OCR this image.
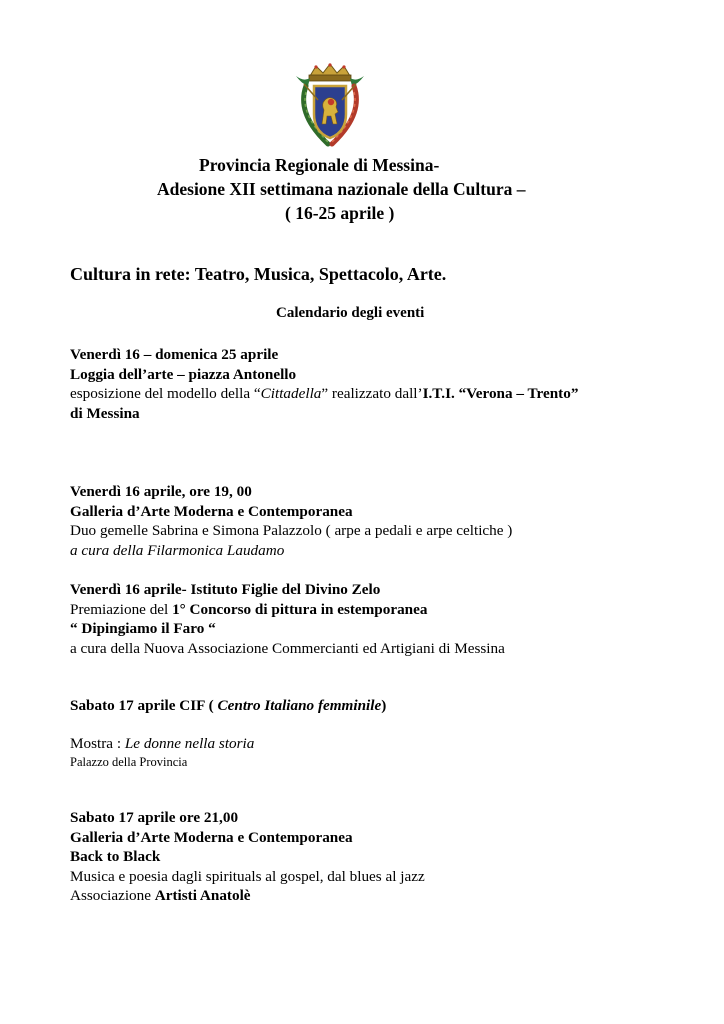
Provincia Regionale di Messina-
Adesione XII settimana nazionale della Cultura –
( 16-25 aprile )
Cultura in rete: Teatro, Musica, Spettacolo, Arte.
Calendario degli eventi
Venerdì 16 – domenica 25 aprile
Loggia dell’arte – piazza Antonello
esposizione del modello della “Cittadella” realizzato dall’I.T.I. “Verona – Trento”
di Messina
Venerdì 16 aprile, ore 19, 00
Galleria d’Arte Moderna e Contemporanea
Duo gemelle Sabrina e Simona Palazzolo ( arpe a pedali e arpe celtiche )
a cura della Filarmonica Laudamo
Venerdì 16 aprile- Istituto Figlie del Divino Zelo
Premiazione del 1° Concorso di pittura in estemporanea
“ Dipingiamo il Faro “
a cura della Nuova Associazione Commercianti ed Artigiani di Messina
Sabato 17 aprile CIF ( Centro Italiano femminile)
Mostra : Le donne nella storia
Palazzo della Provincia
Sabato 17 aprile ore 21,00
Galleria d’Arte Moderna e Contemporanea
Back to Black
Musica e poesia dagli spirituals al gospel, dal blues al jazz
Associazione Artisti Anatolè
